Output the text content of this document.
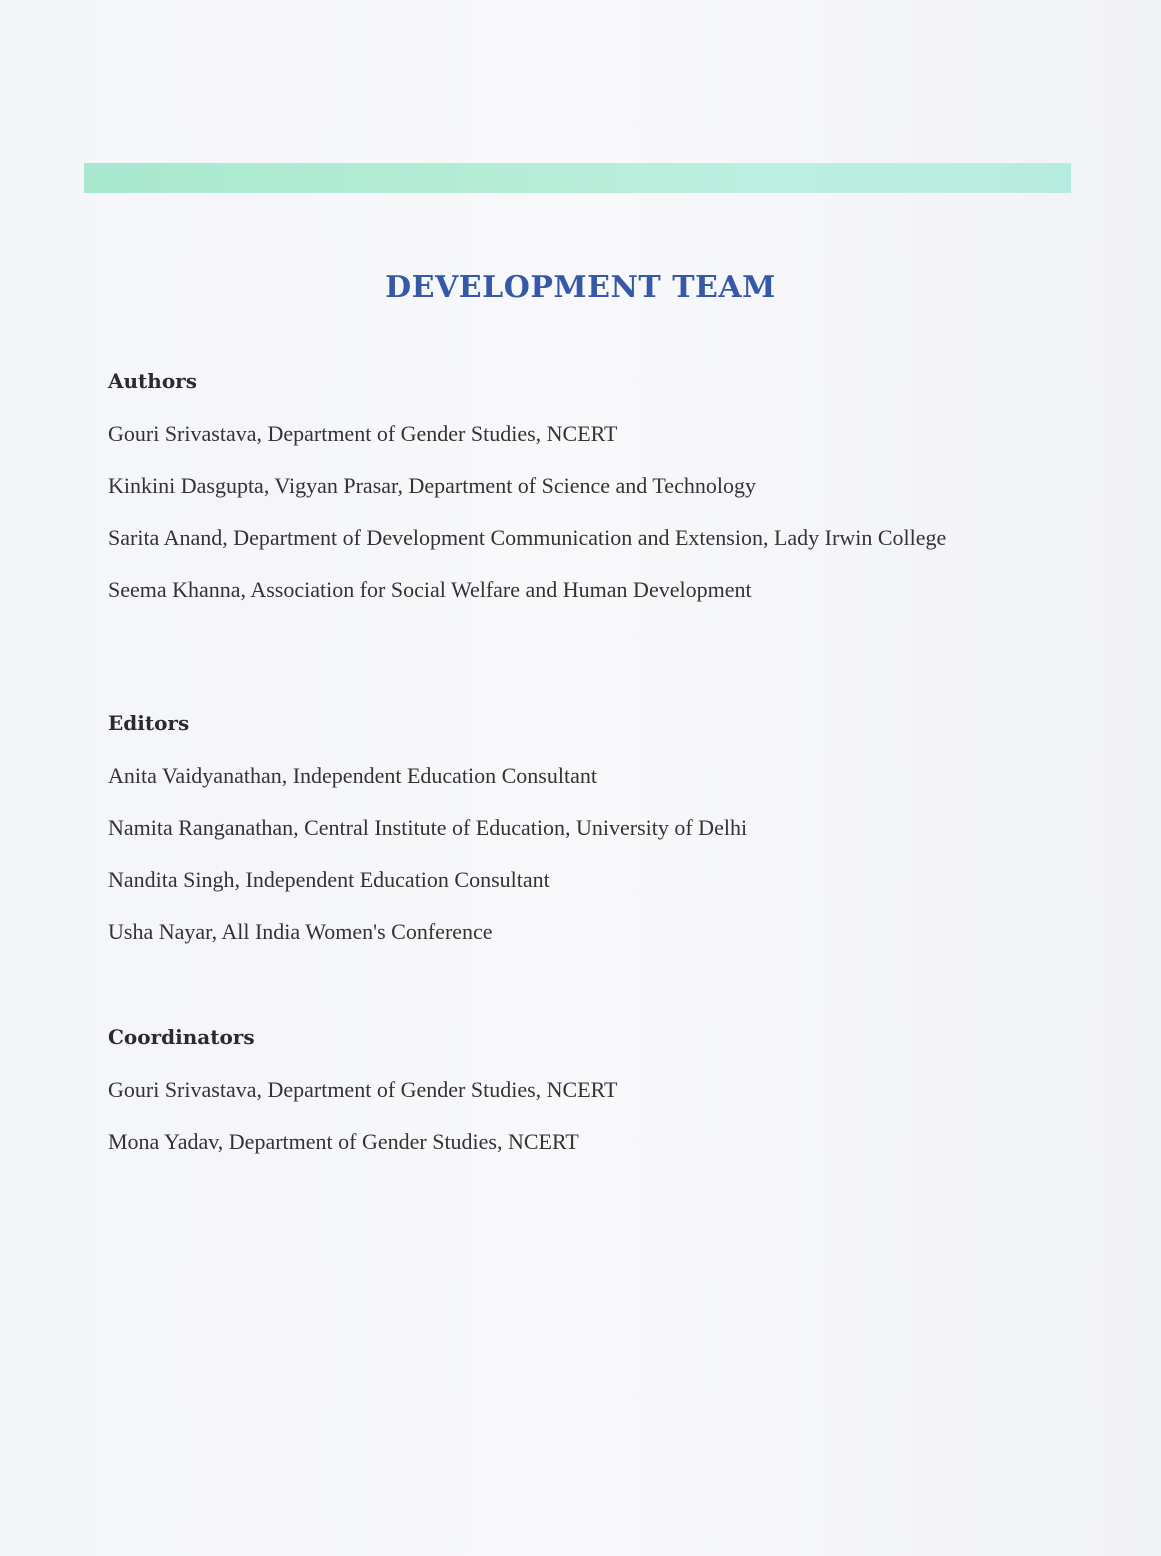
DEVELOPMENT TEAM
Authors
Gouri Srivastava, Department of Gender Studies, NCERT
Kinkini Dasgupta, Vigyan Prasar, Department of Science and Technology
Sarita Anand, Department of Development Communication and Extension, Lady Irwin College
Seema Khanna, Association for Social Welfare and Human Development
Editors
Anita Vaidyanathan, Independent Education Consultant
Namita Ranganathan, Central Institute of Education, University of Delhi
Nandita Singh, Independent Education Consultant
Usha Nayar, All India Women's Conference
Coordinators
Gouri Srivastava, Department of Gender Studies, NCERT
Mona Yadav, Department of Gender Studies, NCERT
